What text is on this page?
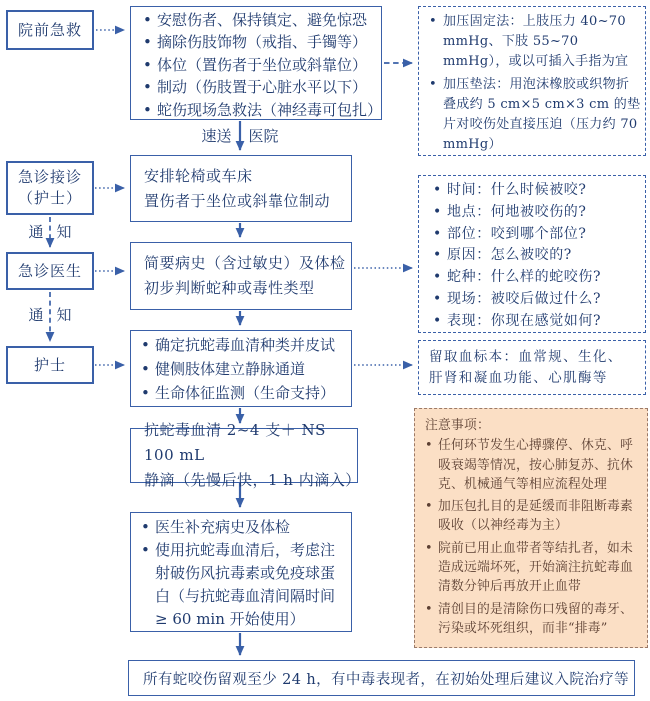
院前急救
急诊接诊
（护士）
急诊医生
护士
速送 医院
通 知
通 知
• 安慰伤者、保持镇定、避免惊恐
• 摘除伤肢饰物（戒指、手镯等）
• 体位（置伤者于坐位或斜靠位）
• 制动（伤肢置于心脏水平以下）
• 蛇伤现场急救法（神经毒可包扎）
安排轮椅或车床
置伤者于坐位或斜靠位制动
简要病史（含过敏史）及体检
初步判断蛇种或毒性类型
• 确定抗蛇毒血清种类并皮试
• 健侧肢体建立静脉通道
• 生命体征监测（生命支持）
抗蛇毒血清 2~4 支＋ NS 100 mL
静滴（先慢后快，1 h 内滴入）
• 医生补充病史及体检
• 使用抗蛇毒血清后，考虑注射破伤风抗毒素或免疫球蛋白（与抗蛇毒血清间隔时间 ≥ 60 min 开始使用）
所有蛇咬伤留观至少 24 h，有中毒表现者，在初始处理后建议入院治疗等
• 加压固定法：上肢压力 40~70 mmHg、下肢 55~70 mmHg），或以可插入手指为宜
• 加压垫法：用泡沫橡胶或织物折叠成约 5 cm×5 cm×3 cm 的垫片对咬伤处直接压迫（压力约 70 mmHg）
• 时间：什么时候被咬?
• 地点：何地被咬伤的?
• 部位：咬到哪个部位?
• 原因：怎么被咬的?
• 蛇种：什么样的蛇咬伤?
• 现场：被咬后做过什么?
• 表现：你现在感觉如何?
留取血标本：血常规、生化、肝肾和凝血功能、心肌酶等
注意事项：
• 任何环节发生心搏骤停、休克、呼吸衰竭等情况，按心肺复苏、抗休克、机械通气等相应流程处理
• 加压包扎目的是延缓而非阻断毒素吸收（以神经毒为主）
• 院前已用止血带者等结扎者，如未造成远端坏死，开始滴注抗蛇毒血清数分钟后再放开止血带
• 清创目的是清除伤口残留的毒牙、污染或坏死组织，而非“排毒”
